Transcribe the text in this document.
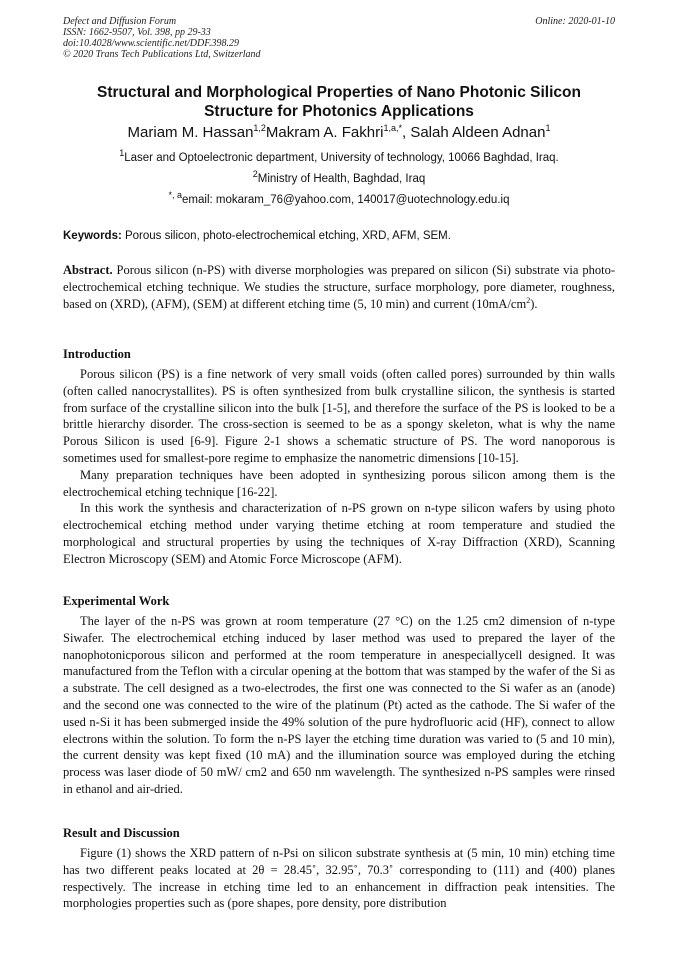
Defect and Diffusion Forum
ISSN: 1662-9507, Vol. 398, pp 29-33
doi:10.4028/www.scientific.net/DDF.398.29
© 2020 Trans Tech Publications Ltd, Switzerland
Online: 2020-01-10
Structural and Morphological Properties of Nano Photonic Silicon Structure for Photonics Applications
Mariam M. Hassan$^{1,2}$Makram A. Fakhri$^{1,a,*}$, Salah Aldeen Adnan$^1$
$^1$Laser and Optoelectronic department, University of technology, 10066 Baghdad, Iraq.
$^2$Ministry of Health, Baghdad, Iraq
$^{*, a}$email: mokaram_76@yahoo.com, 140017@uotechnology.edu.iq
Keywords: Porous silicon, photo-electrochemical etching, XRD, AFM, SEM.

Abstract. Porous silicon (n-PS) with diverse morphologies was prepared on silicon (Si) substrate via photo-electrochemical etching technique. We studies the structure, surface morphology, pore diameter, roughness, based on (XRD), (AFM), (SEM) at different etching time (5, 10 min) and current $(10mA/cm^2)$.

Introduction

Porous silicon (PS) is a fine network of very small voids (often called pores) surrounded by thin walls (often called nanocrystallites). PS is often synthesized from bulk crystalline silicon, the synthesis is started from surface of the crystalline silicon into the bulk [1-5], and therefore the surface of the PS is looked to be a brittle hierarchy disorder. The cross-section is seemed to be as a spongy skeleton, what is why the name Porous Silicon is used [6-9]. Figure 2-1 shows a schematic structure of PS. The word nanoporous is sometimes used for smallest-pore regime to emphasize the nanometric dimensions [10-15].

Many preparation techniques have been adopted in synthesizing porous silicon among them is the electrochemical etching technique [16-22].

In this work the synthesis and characterization of n-PS grown on n-type silicon wafers by using photo electrochemical etching method under varying thetime etching at room temperature and studied the morphological and structural properties by using the techniques of X-ray Diffraction (XRD), Scanning Electron Microscopy (SEM) and Atomic Force Microscope (AFM).

Experimental Work

The layer of the n-PS was grown at room temperature (27 °C) on the 1.25 cm2 dimension of n-type Siwafer. The electrochemical etching induced by laser method was used to prepared the layer of the nanophotonicporous silicon and performed at the room temperature in anespeciallycell designed. It was manufactured from the Teflon with a circular opening at the bottom that was stamped by the wafer of the Si as a substrate. The cell designed as a two-electrodes, the first one was connected to the Si wafer as an (anode) and the second one was connected to the wire of the platinum (Pt) acted as the cathode. The Si wafer of the used n-Si it has been submerged inside the 49% solution of the pure hydrofluoric acid (HF), connect to allow electrons within the solution. To form the n-PS layer the etching time duration was varied to (5 and 10 min), the current density was kept fixed (10 mA) and the illumination source was employed during the etching process was laser diode of 50 mW/ cm2 and 650 nm wavelength. The synthesized n-PS samples were rinsed in ethanol and air-dried.

Result and Discussion

Figure (1) shows the XRD pattern of n-Psi on silicon substrate synthesis at (5 min, 10 min) etching time has two different peaks located at 2θ = 28.45˚, 32.95˚, 70.3˚ corresponding to (111) and (400) planes respectively. The increase in etching time led to an enhancement in diffraction peak intensities. The morphologies properties such as (pore shapes, pore density, pore distribution
